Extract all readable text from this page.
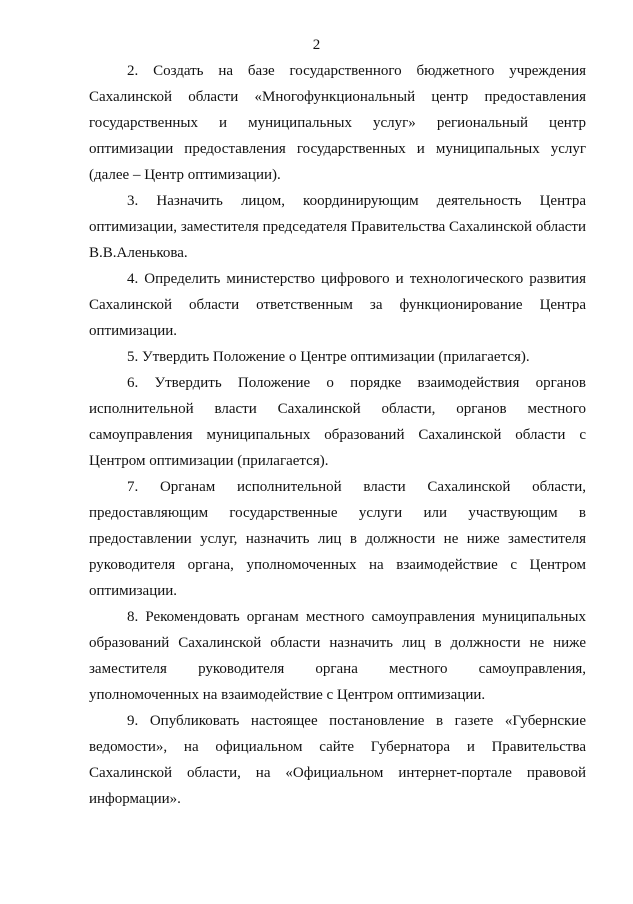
2

2. Создать на базе государственного бюджетного учреждения Сахалинской области «Многофункциональный центр предоставления государственных и муниципальных услуг» региональный центр оптимизации предоставления государственных и муниципальных услуг (далее – Центр оптимизации).

3. Назначить лицом, координирующим деятельность Центра оптимизации, заместителя председателя Правительства Сахалинской области В.В.Аленькова.

4. Определить министерство цифрового и технологического развития Сахалинской области ответственным за функционирование Центра оптимизации.

5. Утвердить Положение о Центре оптимизации (прилагается).

6. Утвердить Положение о порядке взаимодействия органов исполнительной власти Сахалинской области, органов местного самоуправления муниципальных образований Сахалинской области с Центром оптимизации (прилагается).

7. Органам исполнительной власти Сахалинской области, предоставляющим государственные услуги или участвующим в предоставлении услуг, назначить лиц в должности не ниже заместителя руководителя органа, уполномоченных на взаимодействие с Центром оптимизации.

8. Рекомендовать органам местного самоуправления муниципальных образований Сахалинской области назначить лиц в должности не ниже заместителя руководителя органа местного самоуправления, уполномоченных на взаимодействие с Центром оптимизации.

9. Опубликовать настоящее постановление в газете «Губернские ведомости», на официальном сайте Губернатора и Правительства Сахалинской области, на «Официальном интернет-портале правовой информации».
